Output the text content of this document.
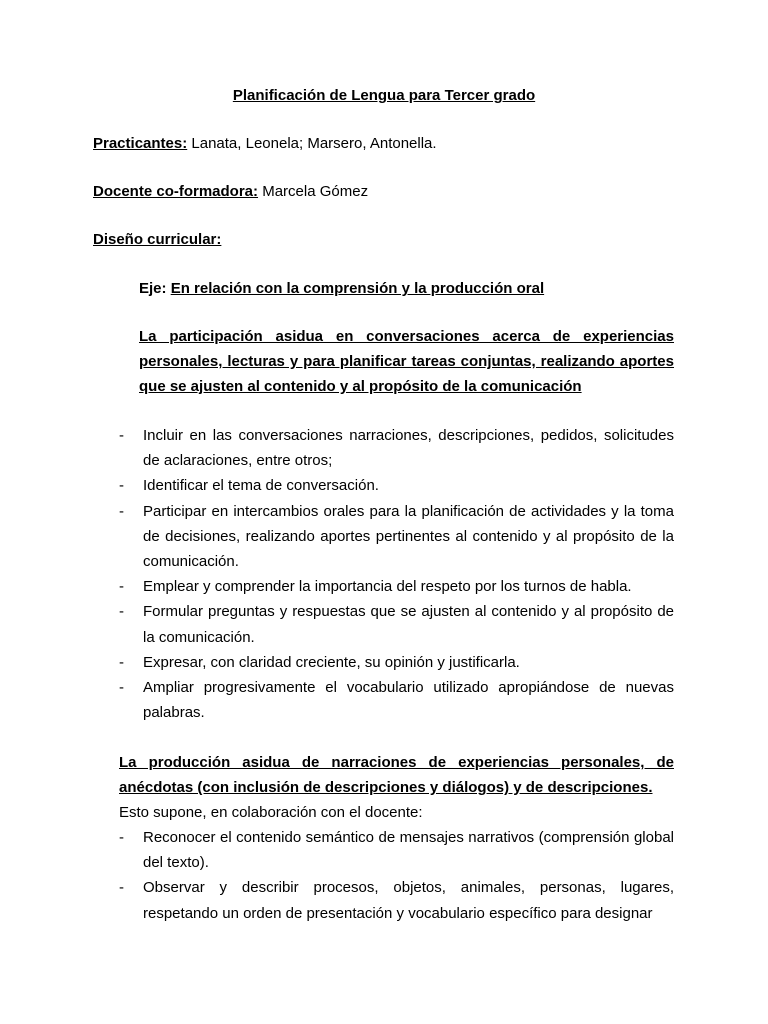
Planificación de Lengua para Tercer grado
Practicantes: Lanata, Leonela; Marsero, Antonella.
Docente co-formadora: Marcela Gómez
Diseño curricular:
Eje: En relación con la comprensión y la producción oral
La participación asidua en conversaciones acerca de experiencias personales, lecturas y para planificar tareas conjuntas, realizando aportes que se ajusten al contenido y al propósito de la comunicación
- Incluir en las conversaciones narraciones, descripciones, pedidos, solicitudes de aclaraciones, entre otros;
- Identificar el tema de conversación.
- Participar en intercambios orales para la planificación de actividades y la toma de decisiones, realizando aportes pertinentes al contenido y al propósito de la comunicación.
- Emplear y comprender la importancia del respeto por los turnos de habla.
- Formular preguntas y respuestas que se ajusten al contenido y al propósito de la comunicación.
- Expresar, con claridad creciente, su opinión y justificarla.
- Ampliar progresivamente el vocabulario utilizado apropiándose de nuevas palabras.
La producción asidua de narraciones de experiencias personales, de anécdotas (con inclusión de descripciones y diálogos) y de descripciones.
Esto supone, en colaboración con el docente:
- Reconocer el contenido semántico de mensajes narrativos (comprensión global del texto).
- Observar y describir procesos, objetos, animales, personas, lugares, respetando un orden de presentación y vocabulario específico para designar
